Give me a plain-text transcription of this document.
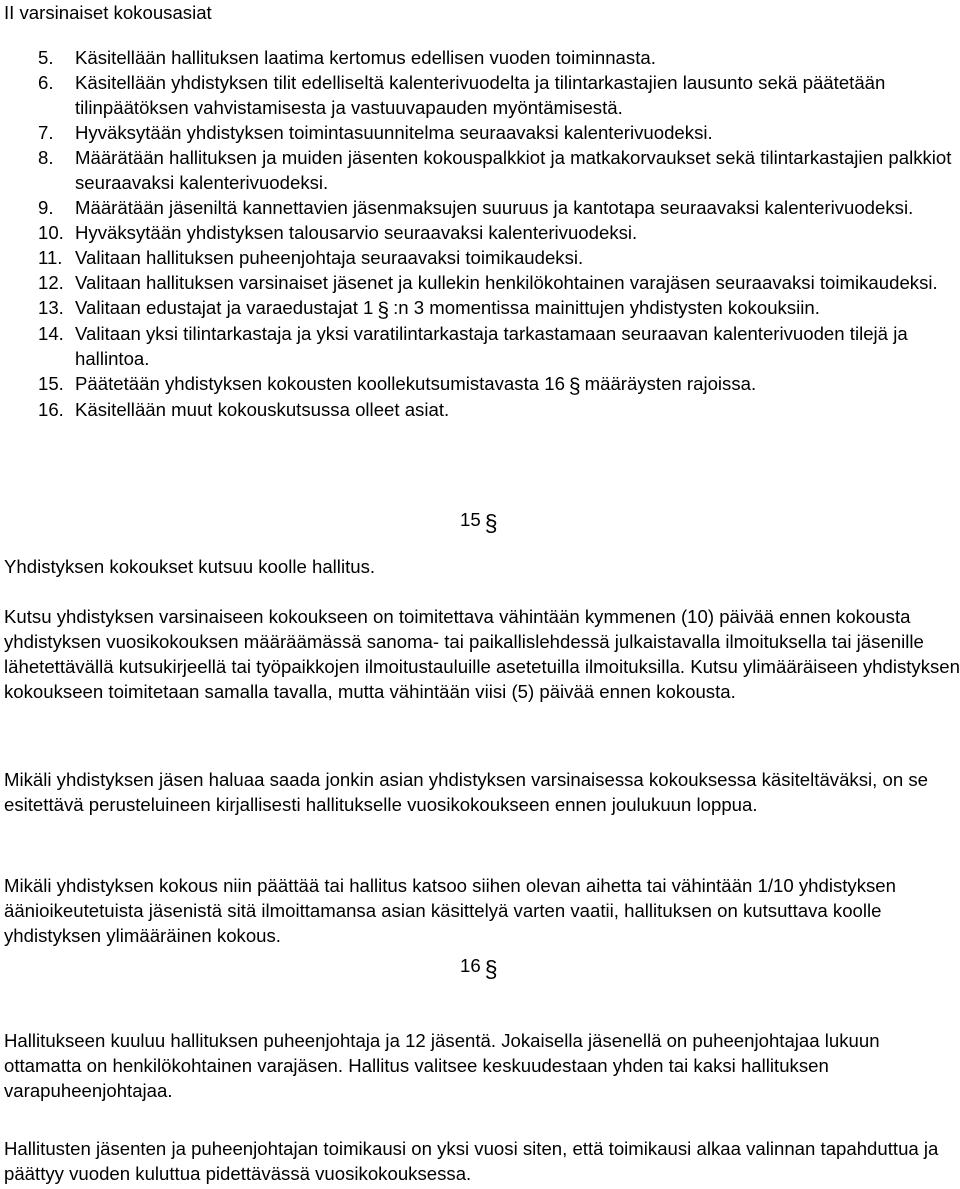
II varsinaiset kokousasiat
5.	Käsitellään hallituksen laatima kertomus edellisen vuoden toiminnasta.
6.	Käsitellään yhdistyksen tilit edelliseltä kalenterivuodelta ja tilintarkastajien lausunto sekä päätetään tilinpäätöksen vahvistamisesta ja vastuuvapauden myöntämisestä.
7.	Hyväksytään yhdistyksen toimintasuunnitelma seuraavaksi kalenterivuodeksi.
8.	Määrätään hallituksen ja muiden jäsenten kokouspalkkiot ja matkakorvaukset sekä tilintarkastajien palkkiot seuraavaksi kalenterivuodeksi.
9.	Määrätään jäseniltä kannettavien jäsenmaksujen suuruus ja kantotapa seuraavaksi kalenterivuodeksi.
10. Hyväksytään yhdistyksen talousarvio seuraavaksi kalenterivuodeksi.
11. Valitaan hallituksen puheenjohtaja seuraavaksi toimikaudeksi.
12. Valitaan hallituksen varsinaiset jäsenet ja kullekin henkilökohtainen varajäsen seuraavaksi toimikaudeksi.
13. Valitaan edustajat ja varaedustajat 1 § :n 3 momentissa mainittujen yhdistysten kokouksiin.
14. Valitaan yksi tilintarkastaja ja yksi varatilintarkastaja tarkastamaan seuraavan kalenterivuoden tilejä ja hallintoa.
15. Päätetään yhdistyksen kokousten koollekutsumistavasta 16 § määräysten rajoissa.
16. Käsitellään muut kokouskutsussa olleet asiat.
15 §

Yhdistyksen kokoukset kutsuu koolle hallitus.

Kutsu yhdistyksen varsinaiseen kokoukseen on toimitettava vähintään kymmenen (10) päivää ennen kokousta yhdistyksen vuosikokouksen määräämässä sanoma- tai paikallislehdessä julkaistavalla ilmoituksella tai jäsenille lähetettävällä kutsukirjeellä tai työpaikkojen ilmoitustauluille asetetuilla ilmoituksilla. Kutsu ylimääräiseen yhdistyksen kokoukseen toimitetaan samalla tavalla, mutta vähintään viisi (5) päivää ennen kokousta.

Mikäli yhdistyksen jäsen haluaa saada jonkin asian yhdistyksen varsinaisessa kokouksessa käsiteltäväksi, on se esitettävä perusteluineen kirjallisesti hallitukselle vuosikokoukseen ennen joulukuun loppua.

Mikäli yhdistyksen kokous niin päättää tai hallitus katsoo siihen olevan aihetta tai vähintään 1/10 yhdistyksen äänioikeutetuista jäsenistä sitä ilmoittamansa asian käsittelyä varten vaatii, hallituksen on kutsuttava koolle yhdistyksen ylimääräinen kokous.

16 §

Hallitukseen kuuluu hallituksen puheenjohtaja ja 12 jäsentä. Jokaisella jäsenellä on puheenjohtajaa lukuun ottamatta on henkilökohtainen varajäsen. Hallitus valitsee keskuudestaan yhden tai kaksi hallituksen varapuheenjohtajaa.

Hallitusten jäsenten ja puheenjohtajan toimikausi on yksi vuosi siten, että toimikausi alkaa valinnan tapahduttua ja päättyy vuoden kuluttua pidettävässä vuosikokouksessa.
